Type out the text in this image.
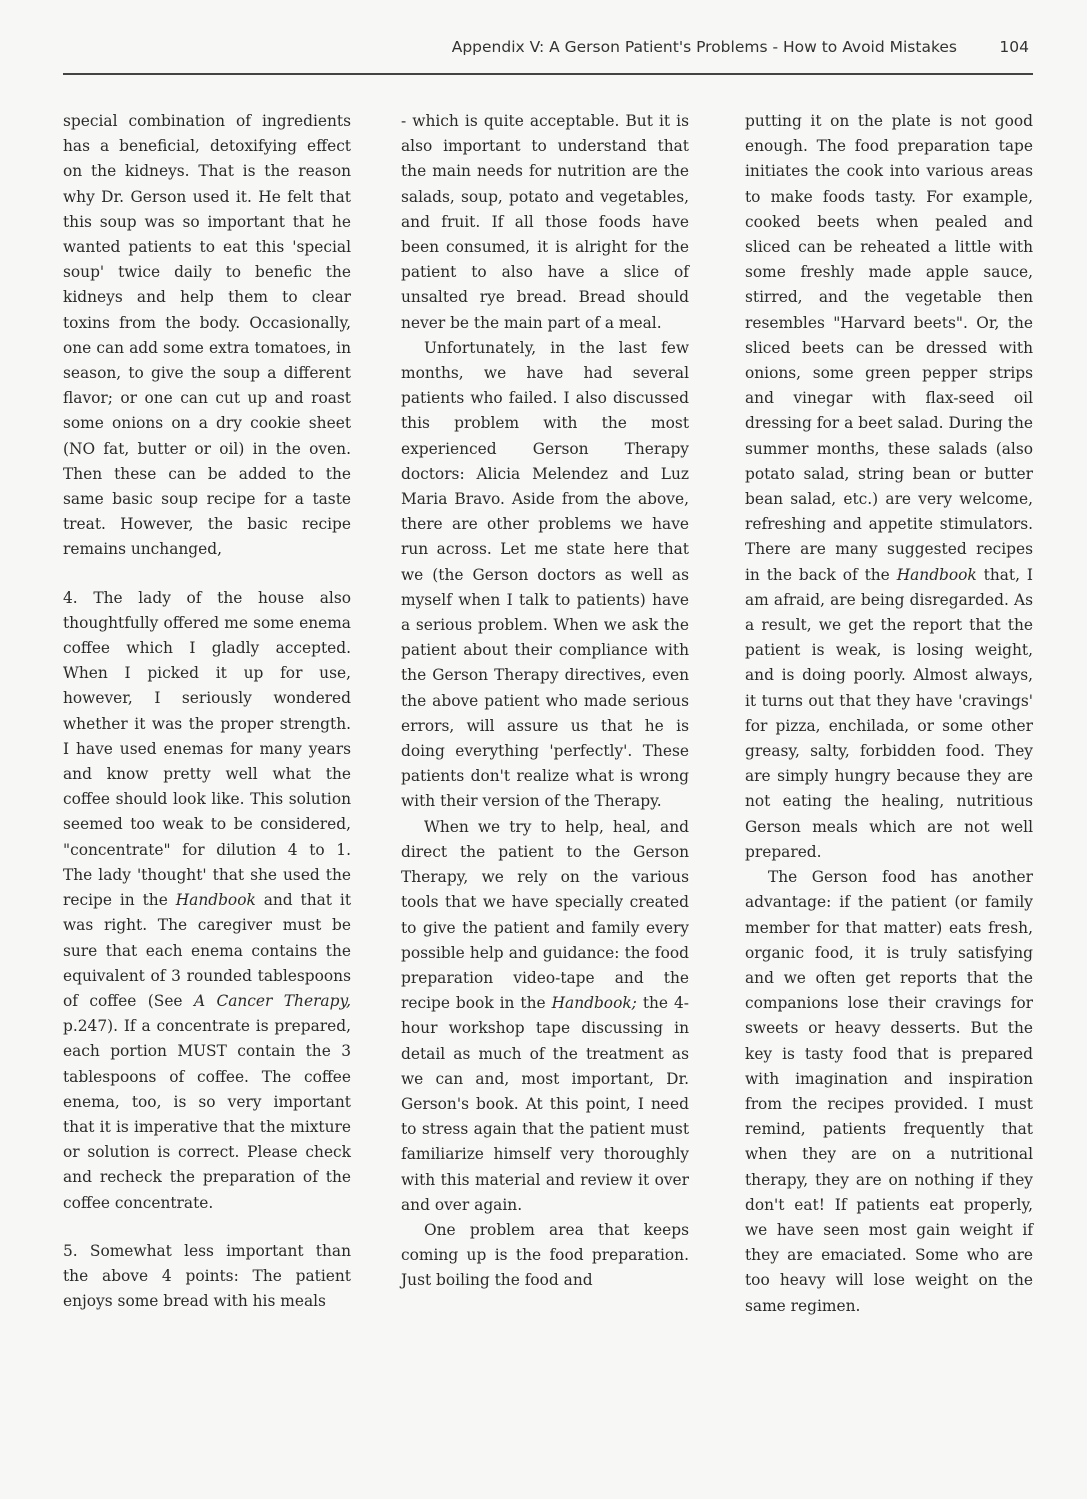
Appendix V: A Gerson Patient's Problems - How to Avoid Mistakes	104

special combination of ingredients has a beneficial, detoxifying effect on the kidneys. That is the reason why Dr. Gerson used it. He felt that this soup was so important that he wanted patients to eat this 'special soup' twice daily to benefic the kidneys and help them to clear toxins from the body. Occasionally, one can add some extra tomatoes, in season, to give the soup a different flavor; or one can cut up and roast some onions on a dry cookie sheet (NO fat, butter or oil) in the oven. Then these can be added to the same basic soup recipe for a taste treat. However, the basic recipe remains unchanged,

4. The lady of the house also thoughtfully offered me some enema coffee which I gladly accepted. When I picked it up for use, however, I seriously wondered whether it was the proper strength. I have used enemas for many years and know pretty well what the coffee should look like. This solution seemed too weak to be considered, "concentrate" for dilution 4 to 1. The lady 'thought' that she used the recipe in the Handbook and that it was right. The caregiver must be sure that each enema contains the equivalent of 3 rounded tablespoons of coffee (See A Cancer Therapy, p.247). If a concentrate is prepared, each portion MUST contain the 3 tablespoons of coffee. The coffee enema, too, is so very important that it is imperative that the mixture or solution is correct. Please check and recheck the preparation of the coffee concentrate.

5. Somewhat less important than the above 4 points: The patient enjoys some bread with his meals

- which is quite acceptable. But it is also important to understand that the main needs for nutrition are the salads, soup, potato and vegetables, and fruit. If all those foods have been consumed, it is alright for the patient to also have a slice of unsalted rye bread. Bread should never be the main part of a meal.

Unfortunately, in the last few months, we have had several patients who failed. I also discussed this problem with the most experienced Gerson Therapy doctors: Alicia Melendez and Luz Maria Bravo. Aside from the above, there are other problems we have run across. Let me state here that we (the Gerson doctors as well as myself when I talk to patients) have a serious problem. When we ask the patient about their compliance with the Gerson Therapy directives, even the above patient who made serious errors, will assure us that he is doing everything 'perfectly'. These patients don't realize what is wrong with their version of the Therapy.

When we try to help, heal, and direct the patient to the Gerson Therapy, we rely on the various tools that we have specially created to give the patient and family every possible help and guidance: the food preparation video-tape and the recipe book in the Handbook; the 4-hour workshop tape discussing in detail as much of the treatment as we can and, most important, Dr. Gerson's book. At this point, I need to stress again that the patient must familiarize himself very thoroughly with this material and review it over and over again.

One problem area that keeps coming up is the food preparation. Just boiling the food and

putting it on the plate is not good enough. The food preparation tape initiates the cook into various areas to make foods tasty. For example, cooked beets when pealed and sliced can be reheated a little with some freshly made apple sauce, stirred, and the vegetable then resembles "Harvard beets". Or, the sliced beets can be dressed with onions, some green pepper strips and vinegar with flax-seed oil dressing for a beet salad. During the summer months, these salads (also potato salad, string bean or butter bean salad, etc.) are very welcome, refreshing and appetite stimulators. There are many suggested recipes in the back of the Handbook that, I am afraid, are being disregarded. As a result, we get the report that the patient is weak, is losing weight, and is doing poorly. Almost always, it turns out that they have 'cravings' for pizza, enchilada, or some other greasy, salty, forbidden food. They are simply hungry because they are not eating the healing, nutritious Gerson meals which are not well prepared.

The Gerson food has another advantage: if the patient (or family member for that matter) eats fresh, organic food, it is truly satisfying and we often get reports that the companions lose their cravings for sweets or heavy desserts. But the key is tasty food that is prepared with imagination and inspiration from the recipes provided. I must remind, patients frequently that when they are on a nutritional therapy, they are on nothing if they don't eat! If patients eat properly, we have seen most gain weight if they are emaciated. Some who are too heavy will lose weight on the same regimen.
